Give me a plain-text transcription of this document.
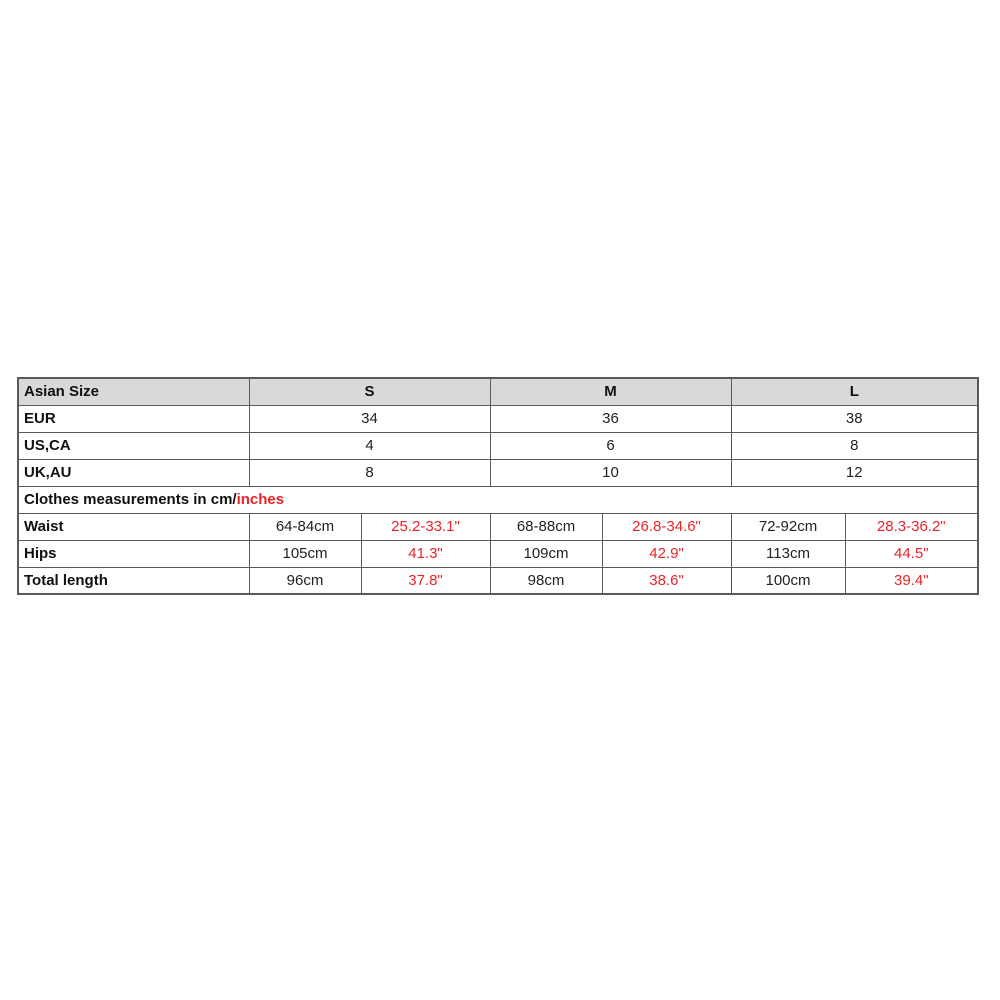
Asian Size	S		M		L	
EUR	34		36		38	
US,CA	4		6		8	
UK,AU	8		10		12	
Clothes measurements in cm/inches						
Waist	64-84cm	25.2-33.1"	68-88cm	26.8-34.6"	72-92cm	28.3-36.2"
Hips	105cm	41.3"	109cm	42.9"	113cm	44.5"
Total length	96cm	37.8"	98cm	38.6"	100cm	39.4"
